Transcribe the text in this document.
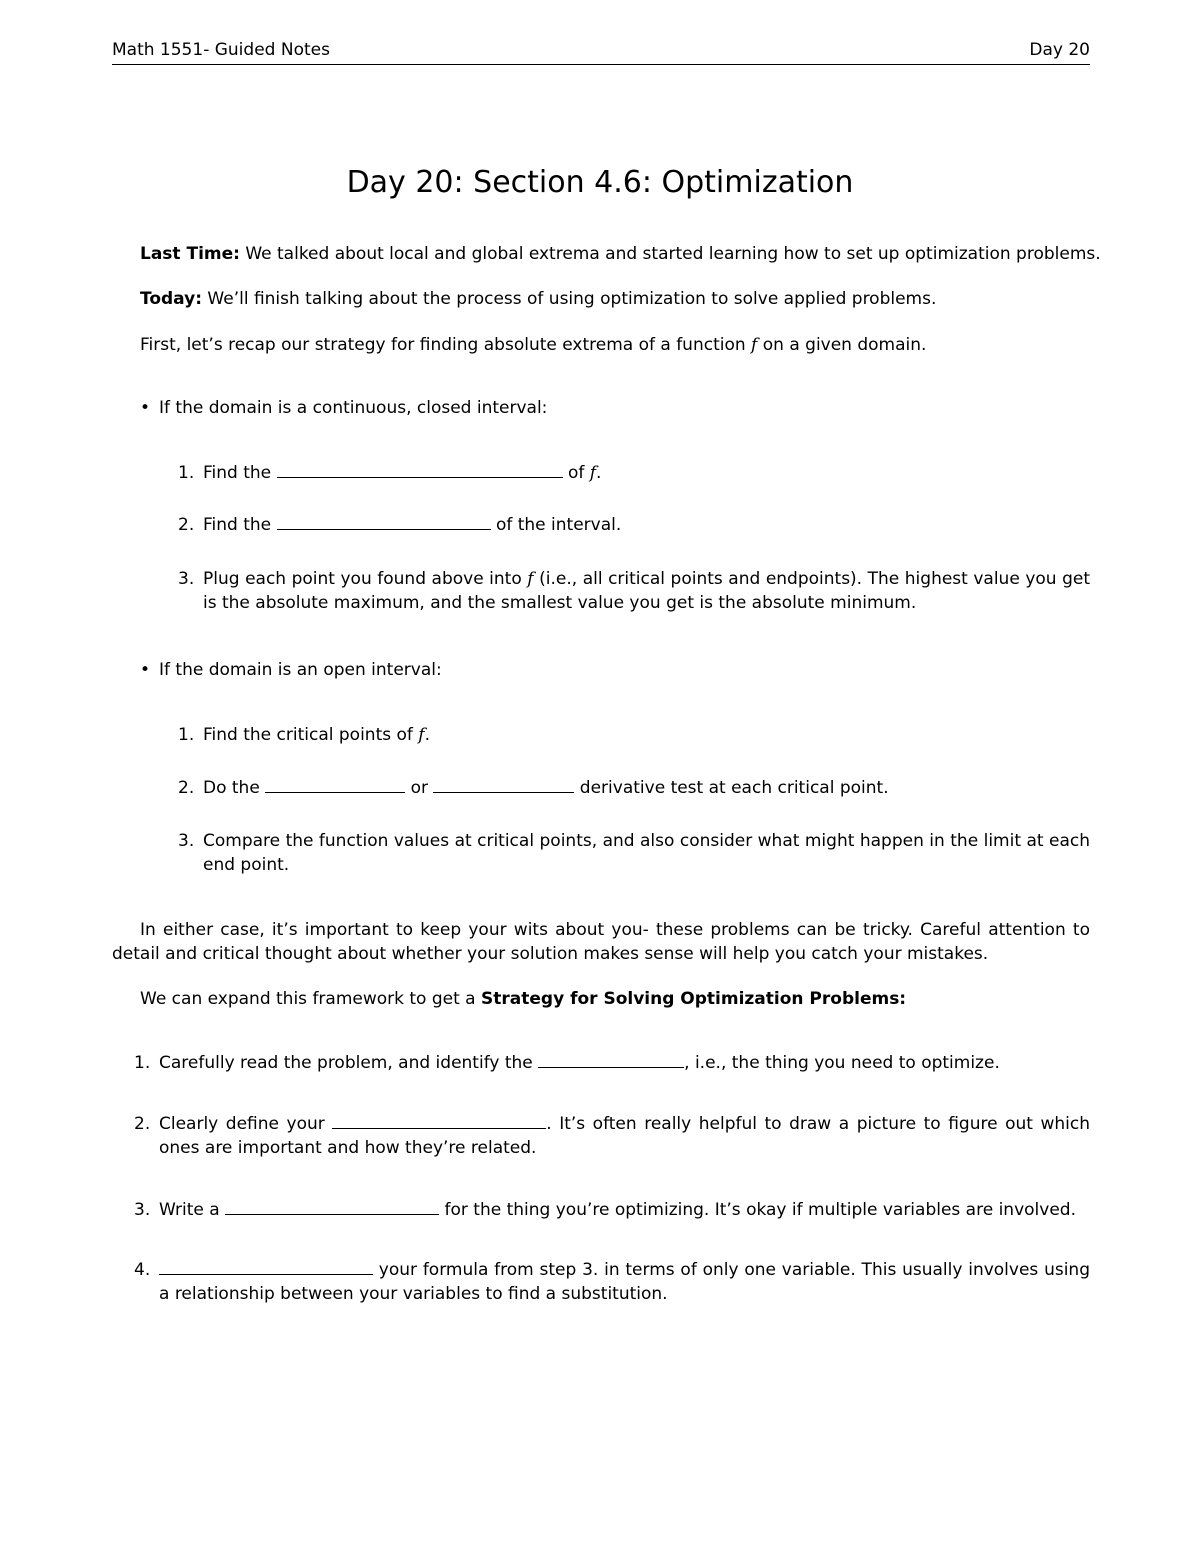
Math 1551- Guided Notes	Day 20
Day 20: Section 4.6: Optimization
Last Time: We talked about local and global extrema and started learning how to set up optimization problems.
Today: We’ll finish talking about the process of using optimization to solve applied problems.
First, let’s recap our strategy for finding absolute extrema of a function f on a given domain.
• If the domain is a continuous, closed interval:
1. Find the	of f.
2. Find the	of the interval.
3. Plug each point you found above into f (i.e., all critical points and endpoints). The highest value you get is the absolute maximum, and the smallest value you get is the absolute minimum.
• If the domain is an open interval:
1. Find the critical points of f.
2. Do the	or	derivative test at each critical point.
3. Compare the function values at critical points, and also consider what might happen in the limit at each end point.
In either case, it’s important to keep your wits about you- these problems can be tricky. Careful attention to detail and critical thought about whether your solution makes sense will help you catch your mistakes.
We can expand this framework to get a Strategy for Solving Optimization Problems:
1. Carefully read the problem, and identify the	, i.e., the thing you need to optimize.
2. Clearly define your	. It’s often really helpful to draw a picture to figure out which ones are important and how they’re related.
3. Write a	for the thing you’re optimizing. It’s okay if multiple variables are involved.
4.	your formula from step 3. in terms of only one variable. This usually involves using a relationship between your variables to find a substitution.
